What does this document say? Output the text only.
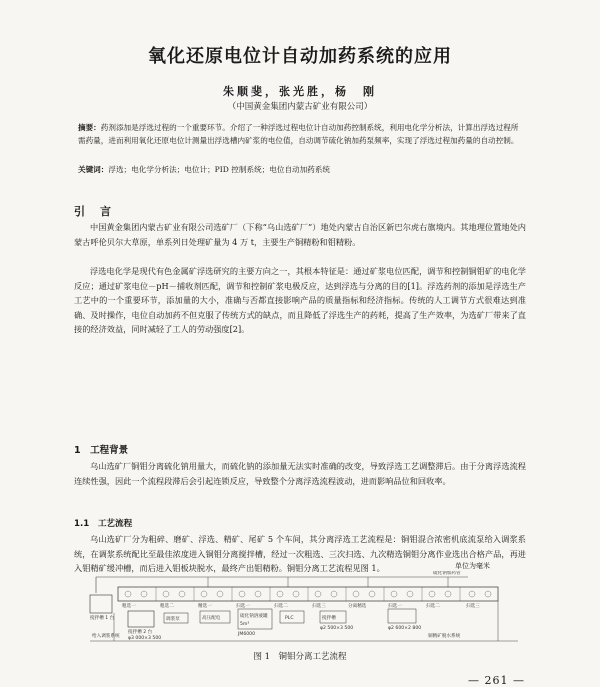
氧化还原电位计自动加药系统的应用
朱顺斐，张光胜，杨　刚
（中国黄金集团内蒙古矿业有限公司）
摘要：药剂添加是浮选过程的一个重要环节。介绍了一种浮选过程电位计自动加药控制系统，利用电化学分析法，计算出浮选过程所需药量，进而利用氧化还原电位计测量出浮选槽内矿浆的电位值，自动调节硫化钠加药泵频率，实现了浮选过程加药量的自动控制。
关键词：浮选；电化学分析法；电位计；PID 控制系统；电位自动加药系统
引　言
中国黄金集团内蒙古矿业有限公司选矿厂（下称“乌山选矿厂”）地处内蒙古自治区新巴尔虎右旗境内。其地理位置地处内蒙古呼伦贝尔大草原，单系列日处理矿量为 4 万 t，主要生产铜精粉和钼精粉。
浮选电化学是现代有色金属矿浮选研究的主要方向之一，其根本特征是：通过矿浆电位匹配，调节和控制铜钼矿的电化学反应；通过矿浆电位－pH－捕收剂匹配，调节和控制矿浆电极反应，达到浮选与分离的目的[1]。浮选药剂的添加是浮选生产工艺中的一个重要环节，添加量的大小，准确与否都直接影响产品的质量指标和经济指标。传统的人工调节方式很难达到准确、及时操作，电位自动加药不但克服了传统方式的缺点，而且降低了浮选生产的药耗，提高了生产效率，为选矿厂带来了直接的经济效益，同时减轻了工人的劳动强度[2]。
1　工程背景
乌山选矿厂铜钼分离硫化钠用量大，而硫化钠的添加量无法实时准确的改变，导致浮选工艺调整滞后。由于分离浮选流程连续性强，因此一个流程段滞后会引起连锁反应，导致整个分离浮选流程波动，进而影响品位和回收率。
1.1　工艺流程
乌山选矿厂分为粗碎、磨矿、浮选、精矿、尾矿 5 个车间，其分离浮选工艺流程是：铜钼混合浓密机底流泵给入调浆系统，在调浆系统配比至最佳浓度进入铜钼分离搅拌槽，经过一次粗选、三次扫选、九次精选铜钼分离作业选出合格产品，再进入钼精矿缓冲槽，而后进入钼板块脱水，最终产出钼精粉。铜钼分离工艺流程见图 1。	单位为毫米
硫化钠加药管
粗选一	粗选二	精选一	扫选一	扫选二	扫选三	分离精选	扫选一	扫选二	扫选三
搅拌槽 1 台
搅拌槽 2 台
φ3 000×3 500
调浆泵	高压配电	硫化钠溶液罐
5m³
PLC
JM6000
搅拌槽
φ2 500×3 500	φ2 600×2 800
给入调浆系统	铜精矿脱水系统
图 1　铜钼分离工艺流程
— 261 —
